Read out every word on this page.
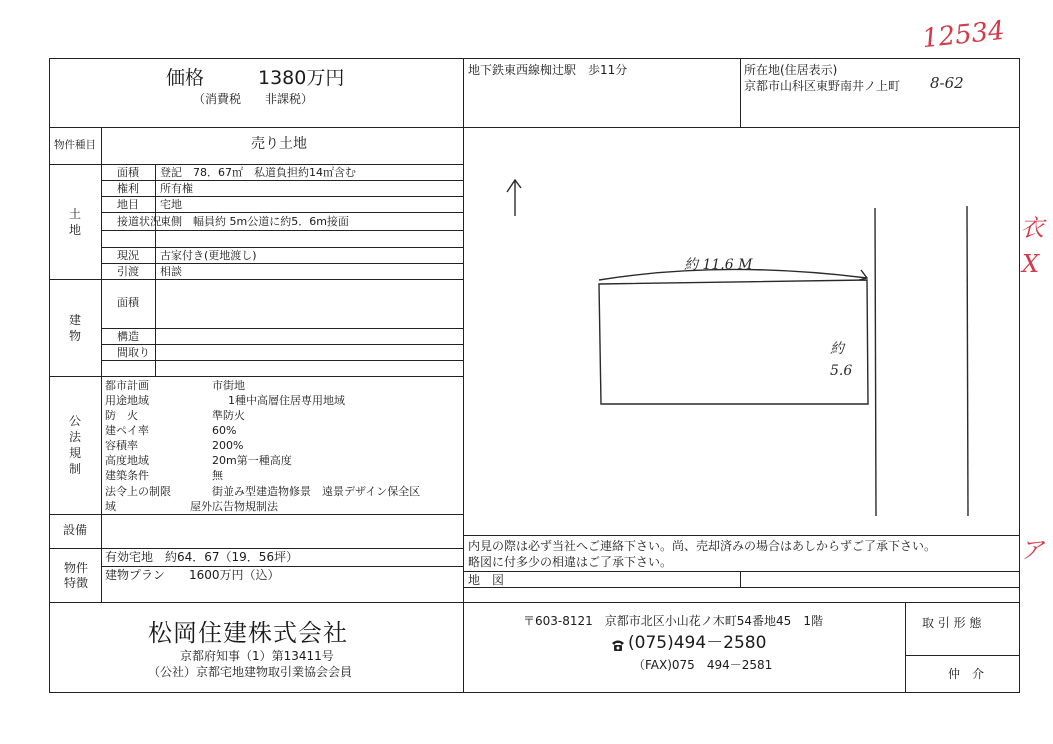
12534
衣
X
ア
価格	1380万円
（消費税　　非課税）
地下鉄東西線椥辻駅　歩11分	所在地(住居表示)
京都市山科区東野南井ノ上町 8-62
物件種目	売り土地
土地
面積 登記　78．67㎡　私道負担約14㎡含む
権利 所有権
地目 宅地
接道状況 東側　幅員約 5m公道に約5．6m接面
現況 古家付き(更地渡し)
引渡 相談
建物
面積
構造
間取り
公法規制
都市計画	市街地
用途地域	1種中高層住居専用地域
防　火	準防火
建ペイ率	60%
容積率	200%
高度地域	20m第一種高度
建築条件	無
法令上の制限	街並み型建造物修景　遠景デザイン保全区
域	屋外広告物規制法
設備
物件特徴
有効宅地　約64．67（19．56坪）
建物プラン　　1600万円（込）
約 11.6 M
約
5.6
内見の際は必ず当社へご連絡下さい。尚、売却済みの場合はあしからずご了承下さい。
略図に付多少の相違はご了承下さい。
地　図
松岡住建株式会社
京都府知事（1）第13411号
（公社）京都宅地建物取引業協会会員
〒603-8121　京都市北区小山花ノ木町54番地45　1階
(075)494－2580
（FAX)075　494－2581
取 引 形 態
仲　介
